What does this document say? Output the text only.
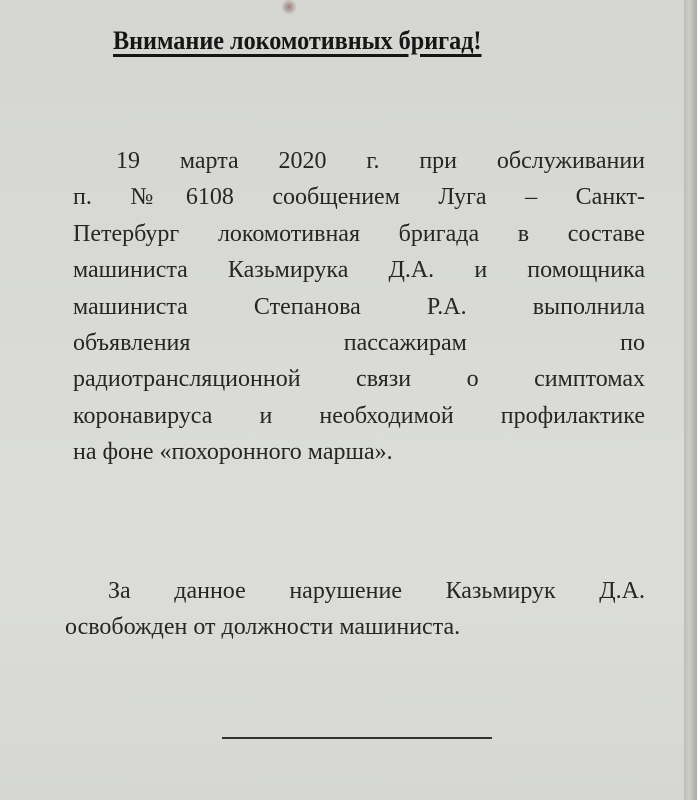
Внимание локомотивных бригад!
19 марта 2020 г. при обслуживании
п. №6108 сообщением Луга – Санкт-
Петербург локомотивная бригада в составе
машиниста Казьмирука Д.А. и помощника
машиниста Степанова Р.А. выполнила
объявления пассажирам по
радиотрансляционной связи о симптомах
коронавируса и необходимой профилактике
на фоне «похоронного марша».
За данное нарушение Казьмирук Д.А.
освобожден от должности машиниста.
